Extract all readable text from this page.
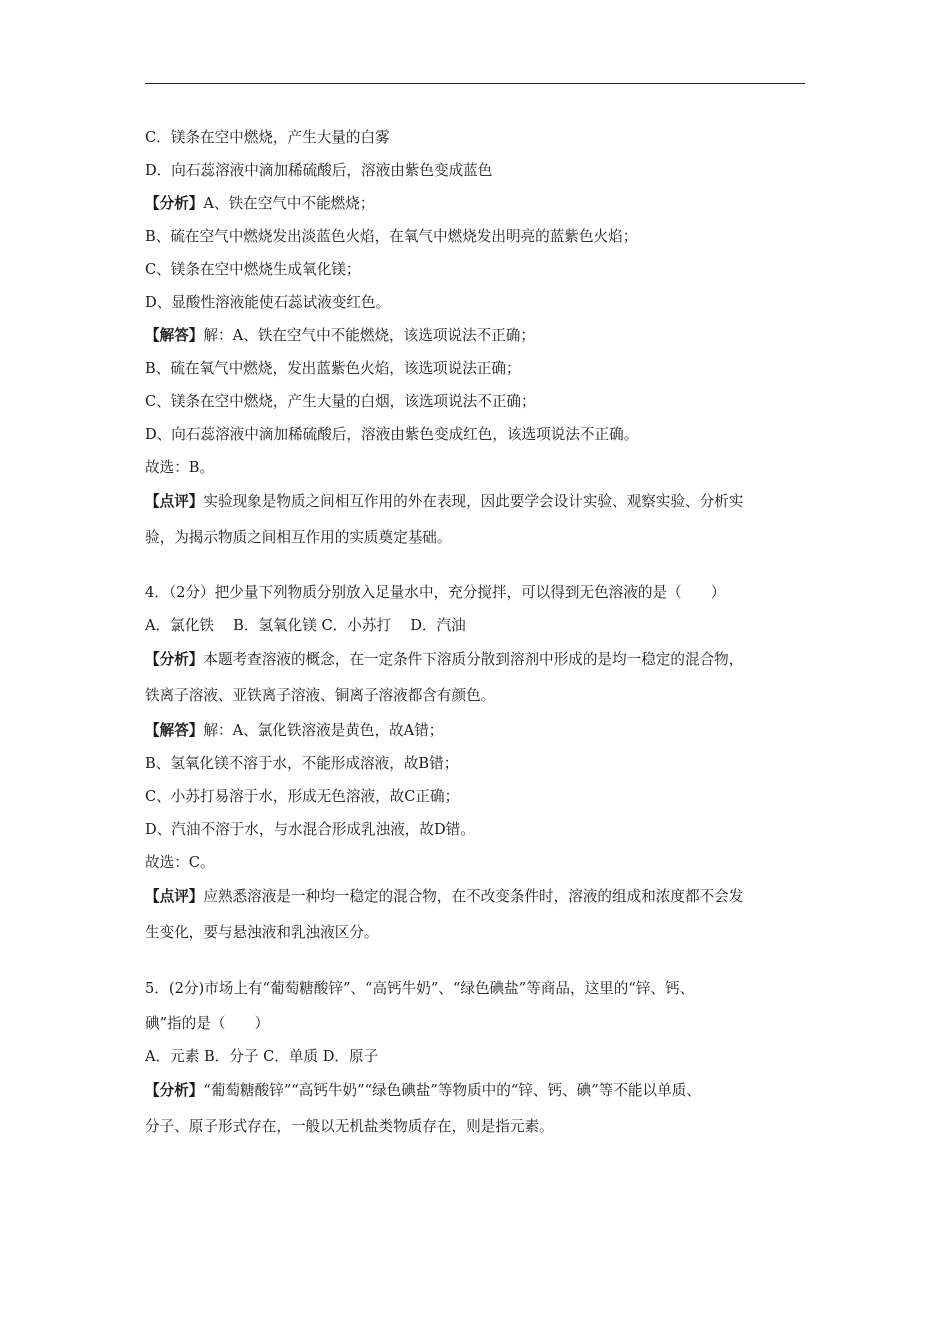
C．镁条在空中燃烧，产生大量的白雾
D．向石蕊溶液中滴加稀硫酸后，溶液由紫色变成蓝色
【分析】A、铁在空气中不能燃烧；
B、硫在空气中燃烧发出淡蓝色火焰，在氧气中燃烧发出明亮的蓝紫色火焰；
C、镁条在空中燃烧生成氧化镁；
D、显酸性溶液能使石蕊试液变红色。
【解答】解：A、铁在空气中不能燃烧，该选项说法不正确；
B、硫在氧气中燃烧，发出蓝紫色火焰，该选项说法正确；
C、镁条在空中燃烧，产生大量的白烟，该选项说法不正确；
D、向石蕊溶液中滴加稀硫酸后，溶液由紫色变成红色，该选项说法不正确。
故选：B。
【点评】实验现象是物质之间相互作用的外在表现，因此要学会设计实验、观察实验、分析实
验，为揭示物质之间相互作用的实质奠定基础。
4．（2分）把少量下列物质分别放入足量水中，充分搅拌，可以得到无色溶液的是（　　）
A．氯化铁　 B．氢氧化镁 C．小苏打　 D．汽油
【分析】本题考查溶液的概念，在一定条件下溶质分散到溶剂中形成的是均一稳定的混合物，
铁离子溶液、亚铁离子溶液、铜离子溶液都含有颜色。
【解答】解：A、氯化铁溶液是黄色，故A错；
B、氢氧化镁不溶于水，不能形成溶液，故B错；
C、小苏打易溶于水，形成无色溶液，故C正确；
D、汽油不溶于水，与水混合形成乳浊液，故D错。
故选：C。
【点评】应熟悉溶液是一种均一稳定的混合物，在不改变条件时，溶液的组成和浓度都不会发
生变化，要与悬浊液和乳浊液区分。
5．(2分)市场上有“葡萄糖酸锌”、“高钙牛奶”、“绿色碘盐”等商品，这里的“锌、钙、
碘”指的是（　　）
A．元素 B．分子 C．单质 D．原子
【分析】“葡萄糖酸锌”“高钙牛奶”“绿色碘盐”等物质中的“锌、钙、碘”等不能以单质、
分子、原子形式存在，一般以无机盐类物质存在，则是指元素。
